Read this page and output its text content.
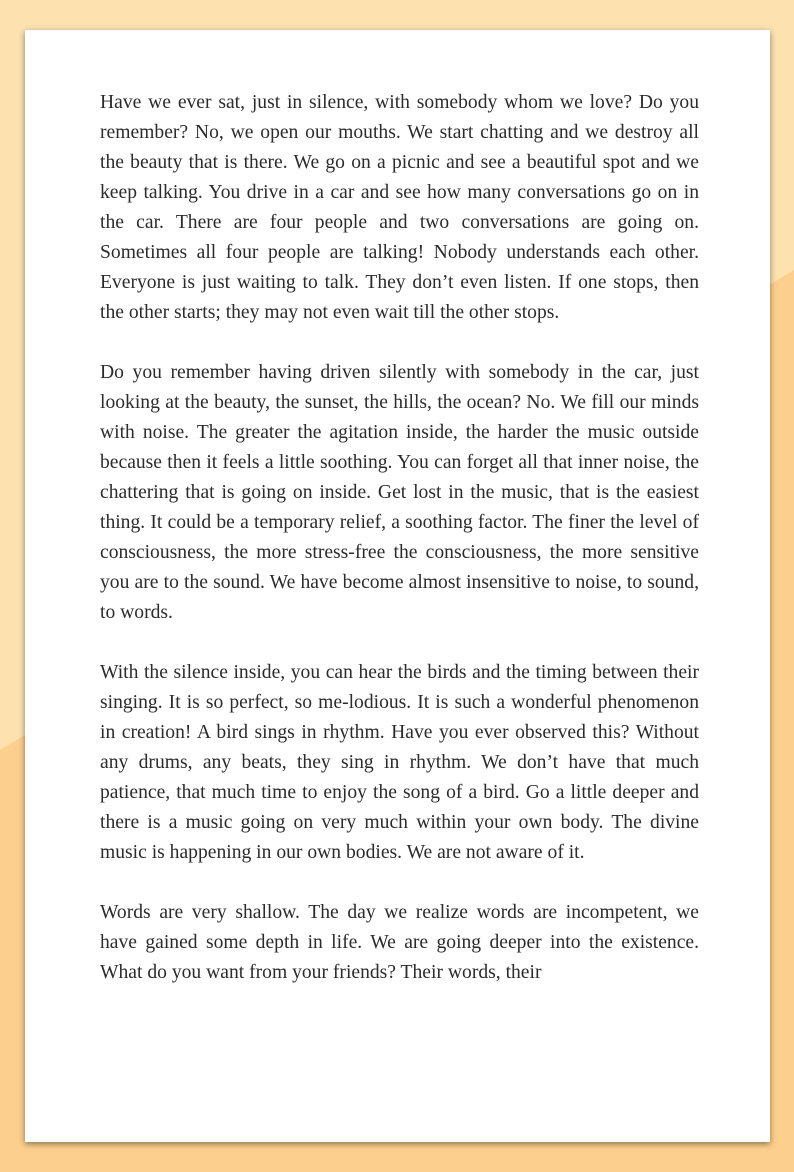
Have we ever sat, just in silence, with somebody whom we love? Do you remember? No, we open our mouths. We start chatting and we destroy all the beauty that is there. We go on a picnic and see a beautiful spot and we keep talking. You drive in a car and see how many conversations go on in the car. There are four people and two conversations are going on. Sometimes all four people are talking! Nobody understands each other. Everyone is just waiting to talk. They don’t even listen. If one stops, then the other starts; they may not even wait till the other stops.

Do you remember having driven silently with somebody in the car, just looking at the beauty, the sunset, the hills, the ocean? No. We fill our minds with noise. The greater the agitation inside, the harder the music outside because then it feels a little soothing. You can forget all that inner noise, the chattering that is going on inside. Get lost in the music, that is the easiest thing. It could be a temporary relief, a soothing factor. The finer the level of consciousness, the more stress-free the consciousness, the more sensitive you are to the sound. We have become almost insensitive to noise, to sound, to words.

With the silence inside, you can hear the birds and the timing between their singing. It is so perfect, so me-lodious. It is such a wonderful phenomenon in creation! A bird sings in rhythm. Have you ever observed this? Without any drums, any beats, they sing in rhythm. We don’t have that much patience, that much time to enjoy the song of a bird. Go a little deeper and there is a music going on very much within your own body. The divine music is happening in our own bodies. We are not aware of it.

Words are very shallow. The day we realize words are incompetent, we have gained some depth in life. We are going deeper into the existence. What do you want from your friends? Their words, their
